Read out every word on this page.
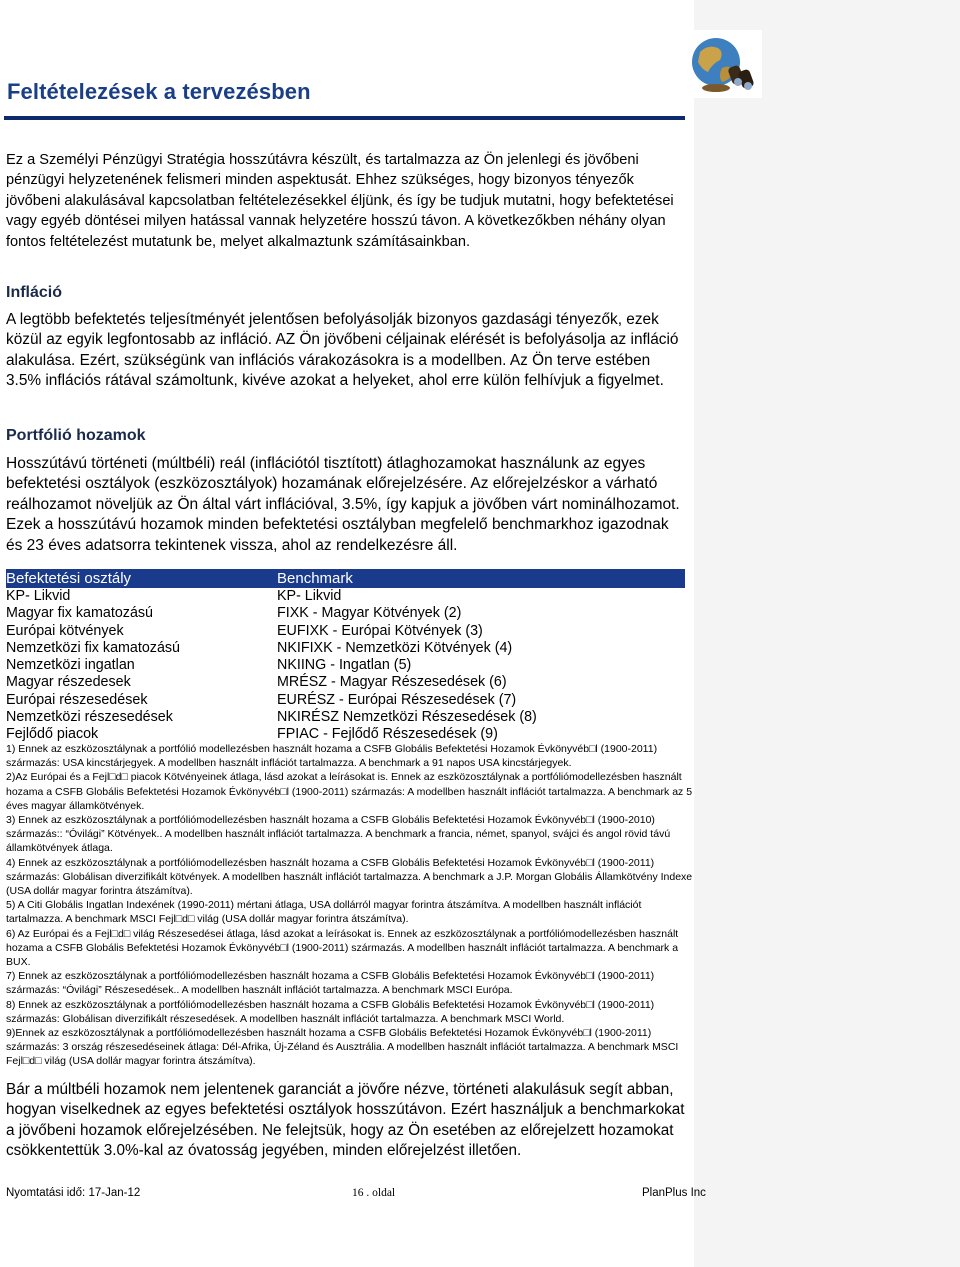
Feltételezések a tervezésben

Ez a Személyi Pénzügyi Stratégia hosszútávra készült, és tartalmazza az Ön jelenlegi és jövőbeni pénzügyi helyzetenének felismeri minden aspektusát. Ehhez szükséges, hogy bizonyos tényezők jövőbeni alakulásával kapcsolatban feltételezésekkel éljünk, és így be tudjuk mutatni, hogy befektetései vagy egyéb döntései milyen hatással vannak helyzetére hosszú távon. A következőkben néhány olyan fontos feltételezést mutatunk be, melyet alkalmaztunk számításainkban.

Infláció

A legtöbb befektetés teljesítményét jelentősen befolyásolják bizonyos gazdasági tényezők, ezek közül az egyik legfontosabb az infláció. AZ Ön jövőbeni céljainak elérését is befolyásolja az infláció alakulása. Ezért, szükségünk van inflációs várakozásokra is a modellben. Az Ön terve estében 3.5% inflációs rátával számoltunk, kivéve azokat a helyeket, ahol erre külön felhívjuk a figyelmet.

Portfólió hozamok

Hosszútávú történeti (múltbéli) reál (inflációtól tisztított) átlaghozamokat használunk az egyes befektetési osztályok (eszközosztályok) hozamának előrejelzésére. Az előrejelzéskor a várható reálhozamot növeljük az Ön által várt inflációval, 3.5%, így kapjuk a jövőben várt nominálhozamot. Ezek a hosszútávú hozamok minden befektetési osztályban megfelelő benchmarkhoz igazodnak és 23 éves adatsorra tekintenek vissza, ahol az rendelkezésre áll.

Befektetési osztály	Benchmark
KP- Likvid	KP- Likvid
Magyar fix kamatozású	FIXK - Magyar Kötvények (2)
Európai kötvények	EUFIXK - Európai Kötvények (3)
Nemzetközi fix kamatozású	NKIFIXK - Nemzetközi Kötvények (4)
Nemzetközi ingatlan	NKIING - Ingatlan (5)
Magyar részedesek	MRÉSZ - Magyar Részesedések (6)
Európai részesedések	EURÉSZ - Európai Részesedések (7)
Nemzetközi részesedések	NKIRÉSZ Nemzetközi Részesedések (8)
Fejlődő piacok	FPIAC - Fejlődő Részesedések (9)

1) Ennek az eszközosztálynak a portfólió modellezésben használt hozama a CSFB Globális Befektetési Hozamok Évkönyvéb□l (1900-2011) származás: USA kincstárjegyek. A modellben használt inflációt tartalmazza. A benchmark a 91 napos USA kincstárjegyek.

2)Az Európai és a Fejl□d□ piacok Kötvényeinek átlaga, lásd azokat a leírásokat is. Ennek az eszközosztálynak a portfóliómodellezésben használt hozama a CSFB Globális Befektetési Hozamok Évkönyvéb□l (1900-2011) származás: A modellben használt inflációt tartalmazza. A benchmark az 5 éves magyar államkötvények.

3) Ennek az eszközosztálynak a portfóliómodellezésben használt hozama a CSFB Globális Befektetési Hozamok Évkönyvéb□l (1900-2010) származás:: “Óvilági” Kötvények.. A modellben használt inflációt tartalmazza. A benchmark a francia, német, spanyol, svájci és angol rövid távú államkötvények átlaga.

4) Ennek az eszközosztálynak a portfóliómodellezésben használt hozama a CSFB Globális Befektetési Hozamok Évkönyvéb□l (1900-2011) származás: Globálisan diverzifikált kötvények. A modellben használt inflációt tartalmazza. A benchmark a J.P. Morgan Globális Államkötvény Indexe (USA dollár magyar forintra átszámítva).

5) A Citi Globális Ingatlan Indexének (1990-2011) mértani átlaga, USA dollárról magyar forintra átszámítva. A modellben használt inflációt tartalmazza. A benchmark MSCI Fejl□d□ világ (USA dollár magyar forintra átszámítva).

6) Az Európai és a Fejl□d□ világ Részesedései átlaga, lásd azokat a leírásokat is. Ennek az eszközosztálynak a portfóliómodellezésben használt hozama a CSFB Globális Befektetési Hozamok Évkönyvéb□l (1900-2011) származás. A modellben használt inflációt tartalmazza. A benchmark a BUX.

7) Ennek az eszközosztálynak a portfóliómodellezésben használt hozama a CSFB Globális Befektetési Hozamok Évkönyvéb□l (1900-2011) származás: “Óvilági” Részesedések.. A modellben használt inflációt tartalmazza. A benchmark MSCI Európa.

8) Ennek az eszközosztálynak a portfóliómodellezésben használt hozama a CSFB Globális Befektetési Hozamok Évkönyvéb□l (1900-2011) származás: Globálisan diverzifikált részesedések. A modellben használt inflációt tartalmazza. A benchmark MSCI World.

9)Ennek az eszközosztálynak a portfóliómodellezésben használt hozama a CSFB Globális Befektetési Hozamok Évkönyvéb□l (1900-2011) származás: 3 ország részesedéseinek átlaga: Dél-Afrika, Új-Zéland és Ausztrália. A modellben használt inflációt tartalmazza. A benchmark MSCI Fejl□d□ világ (USA dollár magyar forintra átszámítva).

Bár a múltbéli hozamok nem jelentenek garanciát a jövőre nézve, történeti alakulásuk segít abban, hogyan viselkednek az egyes befektetési osztályok hosszútávon. Ezért használjuk a benchmarkokat a jövőbeni hozamok előrejelzésében. Ne felejtsük, hogy az Ön esetében az előrejelzett hozamokat csökkentettük 3.0%-kal az óvatosság jegyében, minden előrejelzést illetően.

Nyomtatási idő: 17-Jan-12	16 . oldal	PlanPlus Inc
